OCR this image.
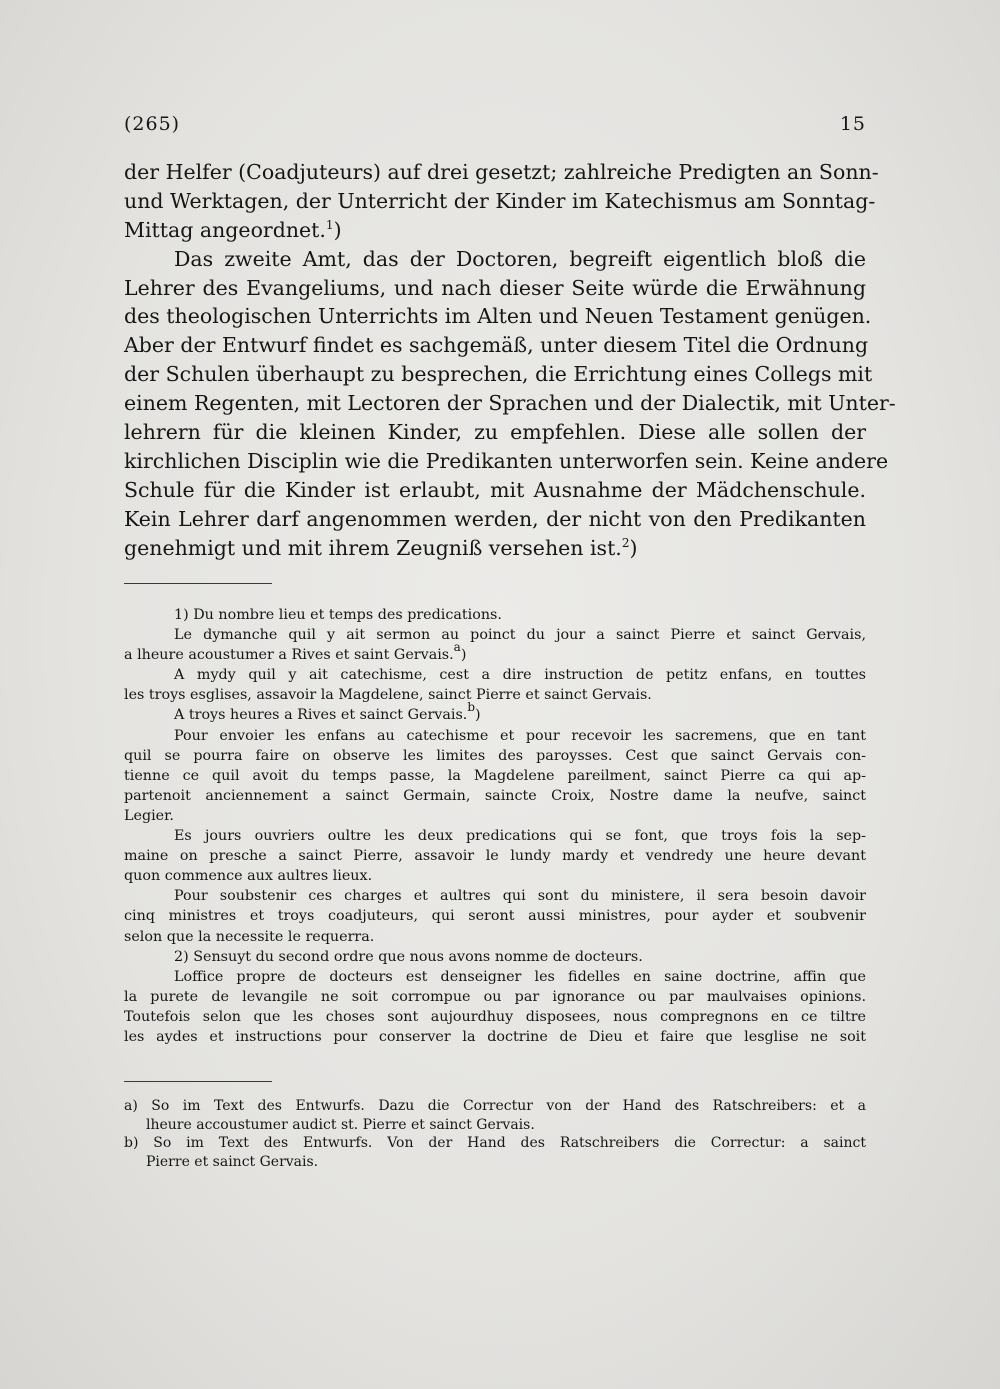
(265)	15
der Helfer (Coadjuteurs) auf drei gesetzt; zahlreiche Predigten an Sonn-
und Werktagen, der Unterricht der Kinder im Katechismus am Sonntag-
Mittag angeordnet.$^1$)
Das zweite Amt, das der Doctoren, begreift eigentlich bloß die
Lehrer des Evangeliums, und nach dieser Seite würde die Erwähnung
des theologischen Unterrichts im Alten und Neuen Testament genügen.
Aber der Entwurf findet es sachgemäß, unter diesem Titel die Ordnung
der Schulen überhaupt zu besprechen, die Errichtung eines Collegs mit
einem Regenten, mit Lectoren der Sprachen und der Dialectik, mit Unter-
lehrern für die kleinen Kinder, zu empfehlen. Diese alle sollen der
kirchlichen Disciplin wie die Predikanten unterworfen sein. Keine andere
Schule für die Kinder ist erlaubt, mit Ausnahme der Mädchenschule.
Kein Lehrer darf angenommen werden, der nicht von den Predikanten
genehmigt und mit ihrem Zeugniß versehen ist.$^2$)
1) Du nombre lieu et temps des predications.
Le dymanche quil y ait sermon au poinct du jour a sainct Pierre et sainct Gervais,
a lheure acoustumer a Rives et saint Gervais.$^a$)
A mydy quil y ait catechisme, cest a dire instruction de petitz enfans, en touttes
les troys esglises, assavoir la Magdelene, sainct Pierre et sainct Gervais.
A troys heures a Rives et sainct Gervais.$^b$)
Pour envoier les enfans au catechisme et pour recevoir les sacremens, que en tant
quil se pourra faire on observe les limites des paroysses. Cest que sainct Gervais con-
tienne ce quil avoit du temps passe, la Magdelene pareilment, sainct Pierre ca qui ap-
partenoit anciennement a sainct Germain, saincte Croix, Nostre dame la neufve, sainct
Legier.
Es jours ouvriers oultre les deux predications qui se font, que troys fois la sep-
maine on presche a sainct Pierre, assavoir le lundy mardy et vendredy une heure devant
quon commence aux aultres lieux.
Pour soubstenir ces charges et aultres qui sont du ministere, il sera besoin davoir
cinq ministres et troys coadjuteurs, qui seront aussi ministres, pour ayder et soubvenir
selon que la necessite le requerra.
2) Sensuyt du second ordre que nous avons nomme de docteurs.
Loffice propre de docteurs est denseigner les fidelles en saine doctrine, affin que
la purete de levangile ne soit corrompue ou par ignorance ou par maulvaises opinions.
Toutefois selon que les choses sont aujourdhuy disposees, nous compregnons en ce tiltre
les aydes et instructions pour conserver la doctrine de Dieu et faire que lesglise ne soit
a) So im Text des Entwurfs. Dazu die Correctur von der Hand des Ratschreibers: et a
lheure accoustumer audict st. Pierre et sainct Gervais.
b) So im Text des Entwurfs. Von der Hand des Ratschreibers die Correctur: a sainct
Pierre et sainct Gervais.
